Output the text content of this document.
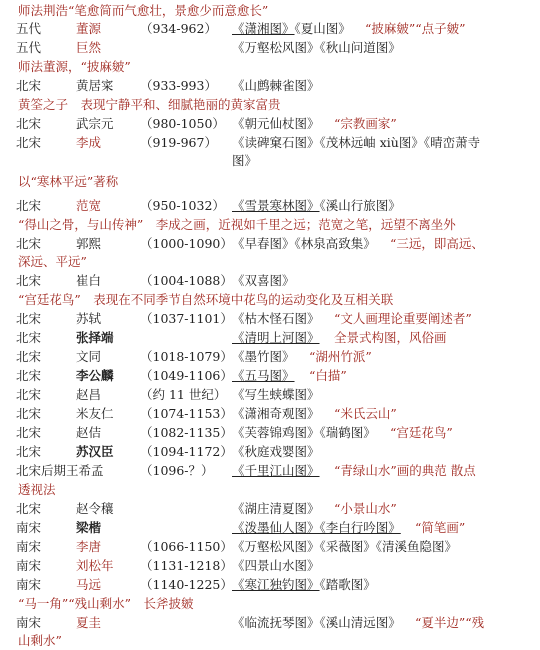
师法荆浩“笔愈简而气愈壮，景愈少而意愈长”
五代	董源	（934-962） 《潇湘图》《夏山图》 “披麻皴”“点子皴”
五代	巨然	《万壑松风图》《秋山问道图》
师法董源，“披麻皴”
北宋	黄居寀 （933-993） 《山鹧棘雀图》
黄筌之子　表现宁静平和、细腻艳丽的黄家富贵
北宋	武宗元 （980-1050） 《朝元仙杖图》 “宗教画家”
北宋	李成	（919-967） 《读碑窠石图》《茂林远岫 xiù图》《晴峦萧寺
图》
以“寒林平远”著称
北宋	范宽	（950-1032） 《雪景寒林图》《溪山行旅图》
“得山之骨，与山传神”　李成之画，近视如千里之远；范宽之笔，远望不离坐外
北宋	郭熙	（1000-1090） 《早春图》《林泉高致集》 “三远，即高远、
深远、平远”
北宋	崔白	（1004-1088） 《双喜图》
“宫廷花鸟”　表现在不同季节自然环境中花鸟的运动变化及互相关联
北宋	苏轼	（1037-1101） 《枯木怪石图》 “文人画理论重要阐述者”
北宋	张择端	《清明上河图》 全景式构图，风俗画
北宋	文同	（1018-1079） 《墨竹图》 “湖州竹派”
北宋	李公麟 （1049-1106） 《五马图》 “白描”
北宋	赵昌	（约 11 世纪） 《写生蛱蝶图》
北宋	米友仁 （1074-1153） 《潇湘奇观图》 “米氏云山”
北宋	赵佶	（1082-1135） 《芙蓉锦鸡图》《瑞鹤图》 “宫廷花鸟”
北宋	苏汉臣 （1094-1172） 《秋庭戏婴图》
北宋后期王希孟	（1096-？） 《千里江山图》 “青绿山水”画的典范 散点
透视法
北宋	赵令穰	《湖庄清夏图》 “小景山水”
南宋	梁楷	《泼墨仙人图》《李白行吟图》 “简笔画”
南宋	李唐	（1066-1150） 《万壑松风图》《采薇图》《清溪鱼隐图》
南宋	刘松年 （1131-1218） 《四景山水图》
南宋	马远	（1140-1225） 《寒江独钓图》《踏歌图》
“马一角”“残山剩水”　长斧披皴
南宋	夏圭	《临流抚琴图》《溪山清远图》 “夏半边”“残
山剩水”
